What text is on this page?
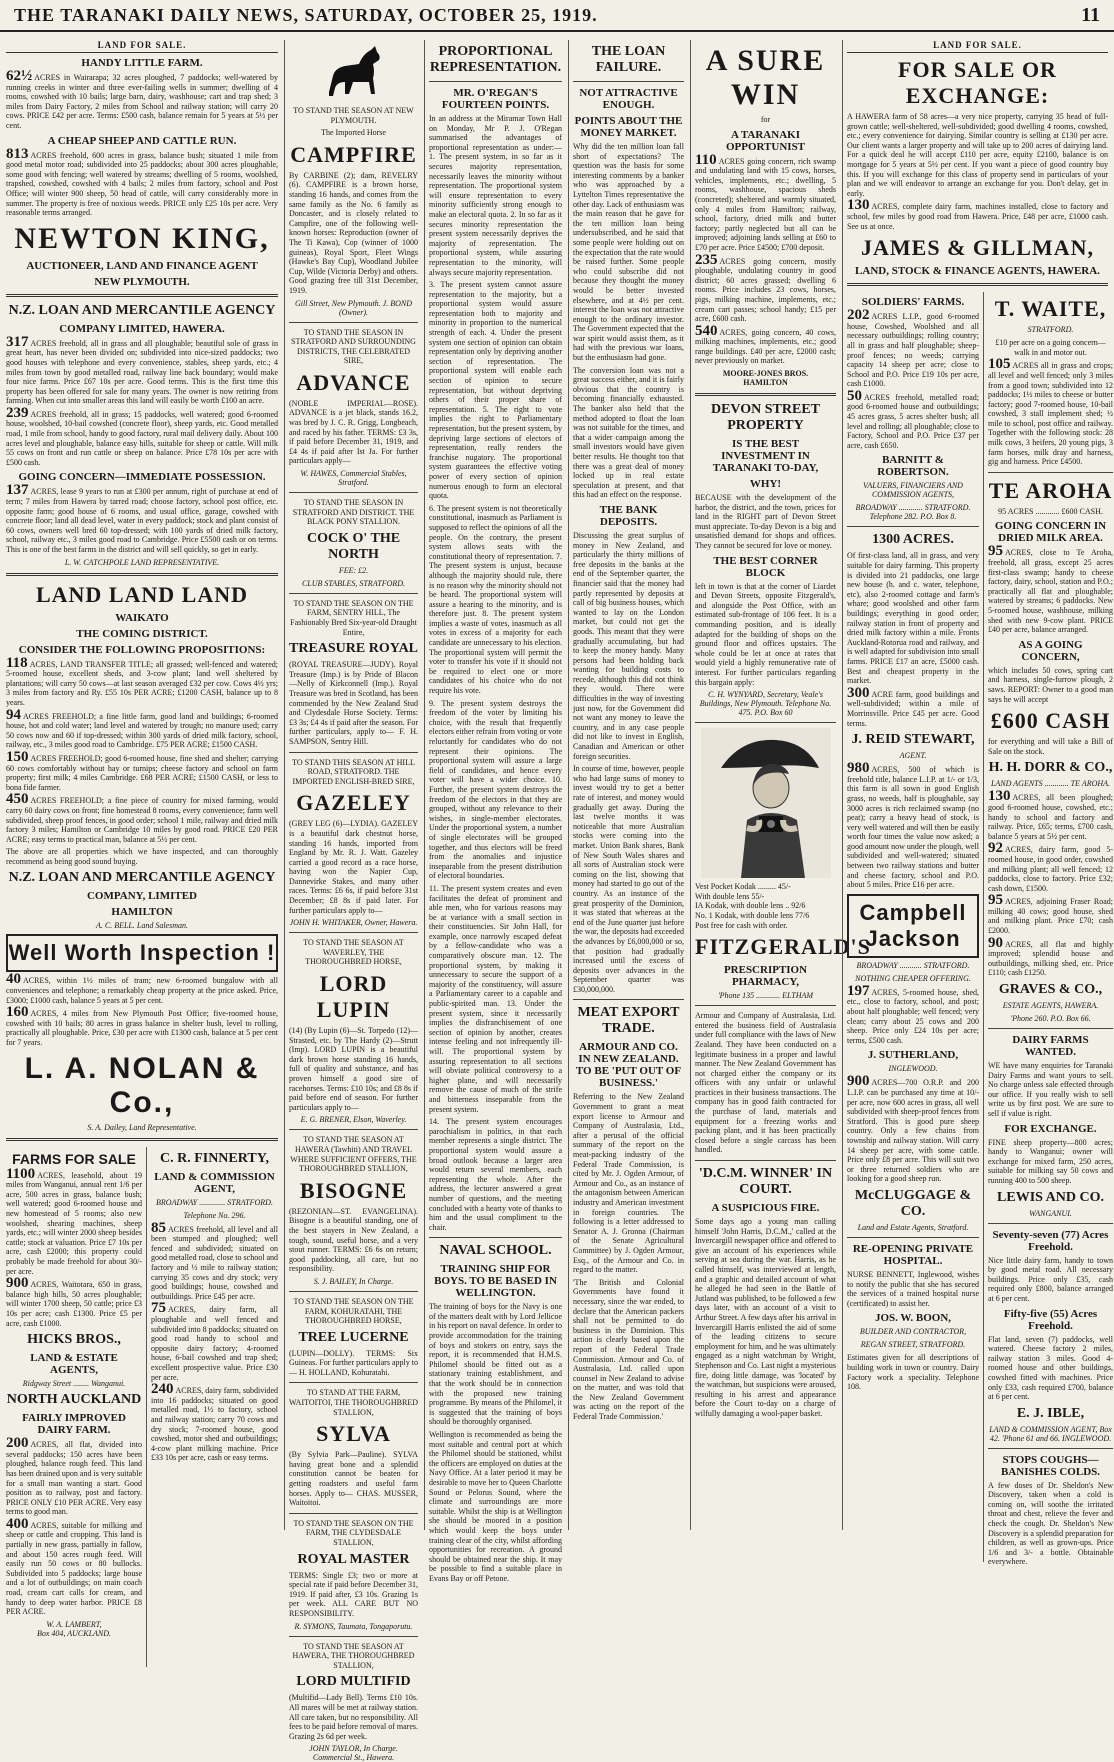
THE TARANAKI DAILY NEWS, SATURDAY, OCTOBER 25, 1919.	11
LAND FOR SALE.
HANDY LITTLE FARM.

62½ ACRES in Wairarapa; 32 acres ploughed, 7 paddocks; well-watered by running creeks in winter and three ever-failing wells in summer; dwelling of 4 rooms, cowshed with 10 bails; large barn, dairy, washhouse; cart and trap shed; 3 miles from Dairy Factory, 2 miles from School and railway station; will carry 20 cows. PRICE £42 per acre. Terms: £500 cash, balance remain for 5 years at 5½ per cent.

A CHEAP SHEEP AND CATTLE RUN.

813 ACRES freehold, 600 acres in grass, balance bush; situated 1 mile from good metal motor road; subdivided into 25 paddocks; about 300 acres ploughable, some good with fencing; well watered by streams; dwelling of 5 rooms, woolshed, trapshed, cowshed, cowshed with 4 bails; 2 miles from factory, school and Post Office; will winter 900 sheep, 50 head of cattle, will carry considerably more in summer. The property is free of noxious weeds. PRICE only £25 10s per acre. Very reasonable terms arranged.

NEWTON KING,
AUCTIONEER, LAND AND FINANCE AGENT
NEW PLYMOUTH.
N.Z. LOAN AND MERCANTILE AGENCY
COMPANY LIMITED, HAWERA.

317 ACRES freehold, all in grass and all ploughable; beautiful sole of grass in great heart, has never been divided on; subdivided into nice-sized paddocks; two good houses with telephone and every convenience, stables, sheep yards, etc.; 4 miles from town by good metalled road, railway line back boundary; would make four nice farms. Price £67 10s per acre. Good terms. This is the first time this property has been offered for sale for many years. The owner is now retiring from farming. When cut into smaller areas this land will easily be worth £100 an acre.

239 ACRES freehold, all in grass; 15 paddocks, well watered; good 6-roomed house, woolshed, 10-bail cowshed (concrete floor), sheep yards, etc. Good metalled road, 1 mile from school, handy to good factory, rural mail delivery daily. About 100 acres level and ploughable, balance easy hills, suitable for sheep or cattle. Will milk 55 cows on front and run cattle or sheep on balance. Price £78 10s per acre with £500 cash.

GOING CONCERN—IMMEDIATE POSSESSION.

137 ACRES, lease 9 years to run at £300 per annum, right of purchase at end of term; 7 miles from Hawera by tarred road; choose factory, school post office, etc. opposite farm; good house of 6 rooms, and usual office, garage, cowshed with concrete floor; land all dead level, water in every paddock; stock and plant consist of 60 cows, owners well bred 60 top-dressed; with 100 yards of dried milk factory, school, railway etc., 3 miles good road to Cambridge. Price £5500 cash or on terms. This is one of the best farms in the district and will sell quickly, so get in early.

L. W. CATCHPOLE LAND REPRESENTATIVE.
LAND LAND LAND
WAIKATO
THE COMING DISTRICT.
CONSIDER THE FOLLOWING PROPOSITIONS:

118 ACRES, LAND TRANSFER TITLE; all grassed; well-fenced and watered; 5-roomed house, excellent sheds, and 3-cow plant; land well sheltered by plantations; will carry 50 cows—at last season averaged £32 per cow. Cows 4½ yrs; 3 miles from factory and Ry. £55 10s PER ACRE; £1200 CASH, balance up to 8 years.

94 ACRES FREEHOLD; a fine little farm, good land and buildings; 6-roomed house, hot and cold water; land level and watered by trough; no manure used; carry 50 cows now and 60 if top-dressed; within 300 yards of dried milk factory, school, railway, etc., 3 miles good road to Cambridge. £75 PER ACRE; £1500 CASH.

150 ACRES FREEHOLD; good 6-roomed house, fine shed and shelter; carrying 60 cows comfortably without hay or turnips; cheese factory and school on farm property; first milk; 4 miles Cambridge. £68 PER ACRE; £1500 CASH, or less to bona fide farmer.

450 ACRES FREEHOLD; a fine piece of country for mixed farming, would carry 60 dairy cows on front; fine homestead 8 rooms, every convenience; farm well subdivided, sheep proof fences, in good order; school 1 mile, railway and dried milk factory 3 miles; Hamilton or Cambridge 10 miles by good road. PRICE £20 PER ACRE; easy terms to practical man, balance at 5½ per cent.

The above are all properties which we have inspected, and can thoroughly recommend as being good sound buying.

N.Z. LOAN AND MERCANTILE AGENCY
COMPANY, LIMITED
HAMILTON
A. C. BELL. Land Salesman.
Well Worth Inspection !

40 ACRES, within 1½ miles of tram; new 6-roomed bungalow with all conveniences and telephone; a remarkably cheap property at the price asked. Price, £3000; £1000 cash, balance 5 years at 5 per cent.

160 ACRES, 4 miles from New Plymouth Post Office; five-roomed house, cowshed with 10 bails; 80 acres in grass balance in shelter bush, level to rolling, practically all ploughable. Price, £30 per acre with £1300 cash, balance at 5 per cent for 7 years.

L. A. NOLAN & Co.,
S. A. Dailey, Land Representative.
FARMS FOR SALE

1100 ACRES, leasehold, about 19 miles from Wanganui, annual rent 1/6 per acre, 500 acres in grass, balance bush; well watered; good 6-roomed house and new homestead of 5 rooms; also new woolshed, shearing machines, sheep yards, etc.; will winter 2000 sheep besides cattle; stock at valuation. Price £7 10s per acre, cash £2000; this property could probably be made freehold for about 30/- per acre.

900 ACRES, Waitotara, 650 in grass, balance high hills, 50 acres ploughable; will winter 1700 sheep, 50 cattle; price £3 10s per acre; cash £1300. Price £5 per acre, cash £1000.

HICKS BROS.,
LAND & ESTATE AGENTS,
Ridgway Street ........ Wanganui.
NORTH AUCKLAND
FAIRLY IMPROVED DAIRY FARM.

200 ACRES, all flat, divided into several paddocks; 150 acres have been ploughed, balance rough feed. This land has been drained upon and is very suitable for a small man wanting a start. Good position as to railway, post and factory. PRICE ONLY £10 PER ACRE. Very easy terms to good man.

400 ACRES, suitable for milking and sheep or cattle and cropping. This land is partially in new grass, partially in fallow, and about 150 acres rough feed. Will easily run 50 cows or 80 bullocks. Subdivided into 5 paddocks; large house and a lot of outbuildings; on main coach road, cream cart calls for cream, and handy to deep water harbor. PRICE £8 PER ACRE.

W. A. LAMBERT,
Box 404, AUCKLAND.
C. R. FINNERTY,
LAND & COMMISSION AGENT,
BROADWAY ............. STRATFORD.
Telephone No. 296.

85 ACRES freehold, all level and all been stumped and ploughed; well fenced and subdivided; situated on good metalled road, close to school and factory and ½ mile to railway station; carrying 35 cows and dry stock; very good buildings; house, cowshed and outbuildings. Price £45 per acre.

75 ACRES, dairy farm, all ploughable and well fenced and subdivided into 8 paddocks; situated on good road handy to school and opposite dairy factory; 4-roomed house, 6-bail cowshed and trap shed; excellent prospective value. Price £30 per acre.

240 ACRES, dairy farm, subdivided into 16 paddocks; situated on good metalled road, 1½ to factory, school and railway station; carry 70 cows and dry stock; 7-roomed house, good cowshed, motor shed and outbuildings; 4-cow plant milking machine. Price £33 10s per acre, cash or easy terms.

TO STAND THE SEASON AT NEW PLYMOUTH.
The Imported Horse
CAMPFIRE

By CARBINE (2); dam, REVELRY (6). CAMPFIRE is a brown horse, standing 16 hands, and comes from the same family as the No. 6 family as Doncaster, and is closely related to Campfire, one of the following well-known horses: Reproduction (owner of The Ti Kawa), Cop (winner of 1000 guineas), Royal Sport, Fleet Wings (Hawke's Bay Cup), Woodland Jubilee Cup, Wilde (Victoria Derby) and others. Good grazing free till 31st December, 1919.

Gill Street, New Plymouth. J. BOND (Owner).
TO STAND THE SEASON IN STRATFORD AND SURROUNDING DISTRICTS, THE CELEBRATED SIRE,
ADVANCE

(NOBLE IMPERIAL—ROSE). ADVANCE is a jet black, stands 16.2, was bred by J. C. R. Grigg, Longbeach, and raced by his father. TERMS: £3 3s, if paid before December 31, 1919, and £4 4s if paid after Ist Ja. For further particulars apply—

W. HAWES, Commercial Stables, Stratford.
TO STAND THE SEASON IN STRATFORD AND DISTRICT. THE BLACK PONY STALLION.
COCK O' THE NORTH
FEE: £2.
CLUB STABLES, STRATFORD.
TO STAND THE SEASON ON THE FARM, SENTRY HILL, The Fashionably Bred Six-year-old Draught Entire,
TREASURE ROYAL

(ROYAL TREASURE—JUDY). Royal Treasure (Imp.) is by Pride of Blacon —Nelly of Kirkconnell (Imp.). Royal Treasure was bred in Scotland, has been commended by the New Zealand Stud and Clydesdale Horse Society. Terms: £3 3s; £4 4s if paid after the season. For further particulars, apply to— F. H. SAMPSON, Sentry Hill.

TO STAND THIS SEASON AT HILL ROAD, STRATFORD. THE IMPORTED ENGLISH-BRED SIRE,
GAZELEY

(GREY LEG (6)—LYDIA). GAZELEY is a beautiful dark chestnut horse, standing 16 hands, imported from England by Mr. R. J. Watt. Gazeley carried a good record as a race horse, having won the Napier Cup, Dannevirke Stakes, and many other races. Terms: £6 6s, if paid before 31st December; £8 8s if paid later. For further particulars apply to—

JOHN H. WHITAKER, Owner, Hawera.
TO STAND THE SEASON AT WAVERLEY, THE THOROUGHBRED HORSE,
LORD LUPIN

(14) (By Lupin (6)—St. Torpedo (12)—Strasted, etc. by The Hardy (2)—Strutt (Imp). LORD LUPIN is a beautiful dark brown horse standing 16 hands, full of quality and substance, and has proven himself a good sire of racehorses. Terms: £10 10s; and £8 8s if paid before end of season. For further particulars apply to—

E. G. BRENER, Elson, Waverley.
TO STAND THE SEASON AT HAWERA (Tawhiti) AND TRAVEL WHERE SUFFICIENT OFFERS, THE THOROUGHBRED STALLION,
BISOGNE

(REZONIAN—ST. EVANGELINA). Bisogne is a beautiful standing, one of the best stayers in New Zealand, a tough, sound, useful horse, and a very stout runner. TERMS: £6 6s on return; good paddocking, all care, but no responsibility.

S. J. BAILEY, In Charge.
TO STAND THE SEASON ON THE FARM, KOHURATAHI, THE THOROUGHBRED HORSE,
TREE LUCERNE

(LUPIN—DOLLY). TERMS: Six Guineas. For further particulars apply to— H. HOLLAND, Kohuratahi.

TO STAND AT THE FARM, WAITOITOI, THE THOROUGHBRED STALLION,
SYLVA

(By Sylvia Park—Pauline). SYLVA having great bone and a splendid constitution cannot be beaten for getting roadsters and useful farm horses. Apply to— CHAS. MUSSER, Waitoitoi.

TO STAND THE SEASON ON THE FARM, THE CLYDESDALE STALLION,
ROYAL MASTER

TERMS: Single £3; two or more at special rate if paid before December 31, 1919. If paid after, £3 10s. Grazing 1s per week. ALL CARE BUT NO RESPONSIBILITY.

R. SYMONS, Taumata, Tongaporutu.
TO STAND THE SEASON AT HAWERA, THE THOROUGHBRED STALLION,
LORD MULTIFID

(Multifid—Lady Bell). Terms £10 10s. All mares will be met at railway station. All care taken, but no responsibility. All fees to be paid before removal of mares. Grazing 2s 6d per week.

JOHN TAYLOR, In Charge. Commercial St., Hawera.
PROPORTIONAL REPRESENTATION.
MR. O'REGAN'S FOURTEEN POINTS.

In an address at the Miramar Town Hall on Monday, Mr P. J. O'Regan summarised the advantages of proportional representation as under:— 1. The present system, in so far as it secures majority representation, necessarily leaves the minority without representation. The proportional system will ensure representation to every minority sufficiently strong enough to make an electoral quota. 2. In so far as it secures minority representation the present system necessarily deprives the majority of representation. The proportional system, while assuring representation to the minority, will always secure majority representation.

3. The present system cannot assure representation to the majority, but a proportional system would assure representation both to majority and minority in proportion to the numerical strength of each. 4. Under the present system one section of opinion can obtain representation only by depriving another section of representation. The proportional system will enable each section of opinion to secure representation, but without depriving others of their proper share of representation. 5. The right to vote implies the right to Parliamentary representation, but the present system, by depriving large sections of electors of representation, really renders the franchise nugatory. The proportional system guarantees the effective voting power of every section of opinion numerous enough to form an electoral quota.

6. The present system is not theoretically constitutional, inasmuch as Parliament is supposed to reflect the opinions of all the people. On the contrary, the present system allows seats with the constitutional theory of representation. 7. The present system is unjust, because although the majority should rule, there is no reason why the minority should not be heard. The proportional system will assure a hearing to the minority, and is therefore just. 8. The present system implies a waste of votes, inasmuch as all votes in excess of a majority for each candidate are unnecessary to his election. The proportional system will permit the voter to transfer his vote if it should not be required to elect one or more candidates of his choice who do not require his vote.

9. The present system destroys the freedom of the voter by limiting his choice, with the result that frequently electors either refrain from voting or vote reluctantly for candidates who do not represent their opinions. The proportional system will assure a large field of candidates, and hence every voter will have a wider choice. 10. Further, the present system destroys the freedom of the electors in that they are grouped, without any relevance to their wishes, in single-member electorates. Under the proportional system, a number of single electorates will be grouped together, and thus electors will be freed from the anomalies and injustice inseparable from the present distribution of electoral boundaries.

11. The present system creates and even facilitates the defeat of prominent and able men, who for various reasons may be at variance with a small section in their constituencies. Sir John Hall, for example, once narrowly escaped defeat by a fellow-candidate who was a comparatively obscure man. 12. The proportional system, by making it unnecessary to secure the support of a majority of the constituency, will assure a Parliamentary career to a capable and public-spirited man. 13. Under the present system, since it necessarily implies the disfranchisement of one section of opinion by another, creates intense feeling and not infrequently ill-will. The proportional system by assuring representation to all sections will obviate political controversy to a higher plane, and will necessarily remove the cause of much of the strife and bitterness inseparable from the present system.

14. The present system encourages parochialism in politics, in that each member represents a single district. The proportional system would assure a broad outlook because a larger area would return several members, each representing the whole. After the address, the lecturer answered a great number of questions, and the meeting concluded with a hearty vote of thanks to him and the usual compliment to the chair.

NAVAL SCHOOL.
TRAINING SHIP FOR BOYS. TO BE BASED IN WELLINGTON.

The training of boys for the Navy is one of the matters dealt with by Lord Jellicoe in his report on naval defence. In order to provide accommodation for the training of boys and stokers on entry, says the report, it is recommended that H.M.S. Philomel should be fitted out as a stationary training establishment, and that the work should be in connection with the proposed new training programme. By means of the Philomel, it is suggested that the training of boys should be thoroughly organised.

Wellington is recommended as being the most suitable and central port at which the Philomel should be stationed, whilst the officers are employed on duties at the Navy Office. At a later period it may be desirable to move her to Queen Charlotte Sound or Pelorus Sound, where the climate and surroundings are more suitable. Whilst the ship is at Wellington she should be moored in a position which would keep the boys under training clear of the city, whilst affording opportunities for recreation. A ground should be obtained near the ship. It may be possible to find a suitable place in Evans Bay or off Petone.

THE LOAN FAILURE.
NOT ATTRACTIVE ENOUGH.
POINTS ABOUT THE MONEY MARKET.

Why did the ten million loan fall short of expectations? The question was the basis for some interesting comments by a banker who was approached by a Lyttelton Times representative the other day. Lack of enthusiasm was the main reason that he gave for the ten million loan being undersubscribed, and he said that some people were holding out on the expectation that the rate would be raised further. Some people who could subscribe did not because they thought the money would be better invested elsewhere, and at 4½ per cent. interest the loan was not attractive enough to the ordinary investor. The Government expected that the war spirit would assist them, as it had with the previous war loans, but the enthusiasm had gone.

The conversion loan was not a great success either, and it is fairly obvious that the country is becoming financially exhausted. The banker also held that the method adopted to float the loan was not suitable for the times, and that a wider campaign among the small investors would have given better results. He thought too that there was a great deal of money locked up in real estate speculation at present, and that this had an effect on the response.

THE BANK DEPOSITS.

Discussing the great surplus of money in New Zealand, and particularly the thirty millions of free deposits in the banks at the end of the September quarter, the financier said that the money had partly represented by deposits at call of big business houses, which wanted to lay on the London market, but could not get the goods. This meant that they were gradually accumulating, but had to keep the money handy. Many persons had been holding back wanting for building costs to recede, although this did not think they would. There were difficulties in the way of investing just now, for the Government did not want any money to leave the country, and in any case people did not like to invest in English, Canadian and American or other foreign securities.

In course of time, however, people who had large sums of money to invest would try to get a better rate of interest, and money would gradually get away. During the last twelve months it was noticeable that more Australian stocks were coming into the market. Union Bank shares, Bank of New South Wales shares and all sorts of Australian stock were coming on the list, showing that money had started to go out of the country. As an instance of the great prosperity of the Dominion, it was stated that whereas at the end of the June quarter just before the war, the deposits had exceeded the advances by £6,000,000 or so, that position had gradually increased until the excess of deposits over advances in the September quarter was £30,000,000.

MEAT EXPORT TRADE.
ARMOUR AND CO. IN NEW ZEALAND. TO BE 'PUT OUT OF BUSINESS.'

Referring to the New Zealand Government to grant a meat export license to Armour and Company of Australasia, Ltd., after a perusal of the official summary of the report on the meat-packing industry of the Federal Trade Commission, is cited by Mr. J. Ogden Armour, of Armour and Co., as an instance of the antagonism between American industry and American investment in foreign countries. The following is a letter addressed to Senator A. J. Gronna (Chairman of the Senate Agricultural Committee) by J. Ogden Armour, Esq., of the Armour and Co. in regard to the matter.

'The British and Colonial Governments have found it necessary, since the war ended, to declare that the American packers shall not be permitted to do business in the Dominion. This action is clearly based upon the report of the Federal Trade Commission. Armour and Co. of Australasia, Ltd. called upon counsel in New Zealand to advise on the matter, and was told that the New Zealand Government was acting on the report of the Federal Trade Commission.'

A SURE WIN
for
A TARANAKI OPPORTUNIST

110 ACRES going concern, rich swamp and undulating land with 15 cows, horses, vehicles, implements, etc.; dwelling, 5 rooms, washhouse, spacious sheds (concreted); sheltered and warmly situated, only 4 miles from Hamilton; railway, school, factory, dried milk and butter factory; partly neglected but all can be improved; adjoining lands selling at £60 to £70 per acre. Price £4500; £700 deposit.

235 ACRES going concern, mostly ploughable, undulating country in good district; 60 acres grassed; dwelling 6 rooms. Price includes 23 cows, horses, pigs, milking machine, implements, etc.; cream cart passes; school handy; £15 per acre, £600 cash.

540 ACRES, going concern, 40 cows, milking machines, implements, etc.; good range buildings. £40 per acre, £2000 cash; never previously on market.

MOORE-JONES BROS.
HAMILTON
DEVON STREET PROPERTY
IS THE BEST INVESTMENT IN TARANAKI TO-DAY,
WHY!

BECAUSE with the development of the harbor, the district, and the town, prices for land in the RIGHT part of Devon Street must appreciate. To-day Devon is a big and unsatisfied demand for shops and offices. They cannot be secured for love or money.

THE BEST CORNER BLOCK

left in town is that at the corner of Liardet and Devon Streets, opposite Fitzgerald's, and alongside the Post Office, with an estimated sub-frontage of 106 feet. It is a commanding position, and is ideally adapted for the building of shops on the ground floor and offices upstairs. The whole could be let at once at rates that would yield a highly remunerative rate of interest. For further particulars regarding this bargain apply:

C. H. WYNYARD, Secretary, Veale's Buildings, New Plymouth. Telephone No. 475. P.O. Box 60
Vest Pocket Kodak ......... 45/-
With double lens 55/-
IA Kodak, with double lens .. 92/6
No. 1 Kodak, with double lens 77/6
Post free for cash with order.
FITZGERALD'S
PRESCRIPTION PHARMACY,
'Phone 135 ............ ELTHAM

Armour and Company of Australasia, Ltd. entered the business field of Australasia under full compliance with the laws of New Zealand. They have been conducted on a legitimate business in a proper and lawful manner. The New Zealand Government has not charged either the company or its officers with any unfair or unlawful practices in their business transactions. The company has in good faith contracted for the purchase of land, materials and equipment for a freezing works and packing plant, and it has been practically closed before a single carcass has been handled.

'D.C.M. WINNER' IN COURT.
A SUSPICIOUS FIRE.

Some days ago a young man calling himself 'John Harris, D.C.M.,' called at the Invercargill newspaper office and offered to give an account of his experiences while serving at sea during the war. Harris, as he called himself, was interviewed at length, and a graphic and detailed account of what he alleged he had seen in the Battle of Jutland was published, to be followed a few days later, with an account of a visit to Arthur Street. A few days after his arrival in Invercargill Harris enlisted the aid of some of the leading citizens to secure employment for him, and he was ultimately engaged as a night watchman by Wright, Stephenson and Co. Last night a mysterious fire, doing little damage, was 'located' by the watchman, but suspicions were aroused, resulting in his arrest and appearance before the Court to-day on a charge of wilfully damaging a wool-paper basket.

LAND FOR SALE.
FOR SALE OR EXCHANGE:

A HAWERA farm of 58 acres—a very nice property, carrying 35 head of full-grown cattle; well-sheltered, well-subdivided; good dwelling 4 rooms, cowshed, etc.; every convenience for dairying. Similar country is selling at £130 per acre. Our client wants a larger property and will take up to 200 acres of dairying land. For a quick deal he will accept £110 per acre, equity £2100, balance is on mortgage for 5 years at 5½ per cent. If you want a piece of good country buy this. If you will exchange for this class of property send in particulars of your plan and we will endeavor to arrange an exchange for you. Don't delay, get in early.

130 ACRES, complete dairy farm, machines installed, close to factory and school, few miles by good road from Hawera. Price, £48 per acre, £1000 cash. See us at once.

JAMES & GILLMAN,
LAND, STOCK & FINANCE AGENTS, HAWERA.
SOLDIERS' FARMS.

202 ACRES L.I.P., good 6-roomed house, Cowshed, Woolshed and all necessary outbuildings; rolling country; all in grass and half ploughable; sheep-proof fences; no weeds; carrying capacity 14 sheep per acre; close to School and P.O. Price £19 10s per acre, cash £1000.

50 ACRES freehold, metalled road; good 6-roomed house and outbuildings; 45 acres grass, 5 acres shelter bush; all level and rolling; all ploughable; close to Factory, School and P.O. Price £37 per acre, cash £650.

BARNITT & ROBERTSON.
VALUERS, FINANCIERS AND COMMISSION AGENTS,
BROADWAY ............ STRATFORD. Telephone 282. P.O. Box 8.
1300 ACRES.

Of first-class land, all in grass, and very suitable for dairy farming. This property is divided into 21 paddocks, one large new house (h. and c. water, telephone, etc), also 2-roomed cottage and farm's whare; good woolshed and other farm buildings; everything in good order; railway station in front of property and dried milk factory within a mile. Fronts Auckland-Rotorua road and railway, and is well adapted for subdivision into small farms. PRICE £17 an acre, £5000 cash. Best and cheapest property in the market.

300 ACRE farm, good buildings and well-subdivided; within a mile of Morrinsville. Price £45 per acre. Good terms.

J. REID STEWART,
AGENT.

980 ACRES, 500 of which is freehold title, balance L.I.P. at 1/- or 1/3, this farm is all sown in good English grass, no weeds, half is ploughable, say 3000 acres is rich reclaimed swamp (no peat); carry a heavy head of stock, is very well watered and will then be easily worth four times the value now asked; a good amount now under the plough, well subdivided and well-watered; situated between two railway stations and butter and cheese factory, school and P.O. about 5 miles. Price £16 per acre.

Campbell Jackson
BROADWAY ........... STRATFORD.
NOTHING CHEAPER OFFERING.

197 ACRES, 5-roomed house, shed, etc., close to factory, school, and post; about half ploughable; well fenced; very clean; carry about 25 cows and 200 sheep. Price only £24 10s per acre; terms, £500 cash.

J. SUTHERLAND,
INGLEWOOD.

900 ACRES—700 O.R.P. and 200 L.I.P. can be purchased any time at 10/- per acre, now 600 acres in grass, all well subdivided with sheep-proof fences from Stratford. This is good pure sheep country. Only a few chains from township and railway station. Will carry 14 sheep per acre, with some cattle. Price only £8 per acre. This will suit two or three returned soldiers who are looking for a good sheep run.

McCLUGGAGE & CO.
Land and Estate Agents, Stratford.
RE-OPENING PRIVATE HOSPITAL.

NURSE BENNETT, Inglewood, wishes to notify the public that she has secured the services of a trained hospital nurse (certificated) to assist her.

JOS. W. BOON,
BUILDER AND CONTRACTOR,
REGAN STREET, STRATFORD.

Estimates given for all descriptions of building work in town or country. Dairy Factory work a speciality. Telephone 108.

T. WAITE,
STRATFORD.
£10 per acre on a going concern—walk in and motor out.

105 ACRES all in grass and crops; all level and well fenced; only 3 miles from a good town; subdivided into 12 paddocks; 1½ miles to cheese or butter factory; good 7-roomed house, 10-bail cowshed, 3 stall implement shed; ½ mile to school, post office and railway. Together with the following stock: 28 milk cows, 3 heifers, 20 young pigs, 3 farm horses, milk dray and harness, gig and harness. Price £4500.

TE AROHA
95 ACRES ............ £600 CASH.
GOING CONCERN IN DRIED MILK AREA.

95 ACRES, close to Te Aroha, freehold, all grass, except 25 acres first-class swamp; handy to cheese factory, dairy, school, station and P.O.; practically all flat and ploughable; watered by streams; 6 paddocks. New 5-roomed house, washhouse, milking shed with new 9-cow plant. PRICE £40 per acre, balance arranged.

AS A GOING CONCERN,

which includes 50 cows, spring cart and harness, single-furrow plough, 2 saws. REPORT: Owner to a good man says he will accept

£600 CASH

for everything and will take a Bill of Sale on the stock.

H. H. DORR & CO.,
LAND AGENTS ............ TE AROHA.

130 ACRES, all been ploughed; good 6-roomed house, cowshed, etc.; handy to school and factory and railway. Price, £65; terms, £700 cash, balance 5 years at 5½ per cent.

92 ACRES, dairy farm, good 5-roomed house, in good order, cowshed and milking plant; all well fenced; 12 paddocks, close to factory. Price £32; cash down, £1500.

95 ACRES, adjoining Fraser Road; milking 40 cows; good house, shed and milking plant. Price £70; cash £2000.

90 ACRES, all flat and highly improved; splendid house and outbuildings, milking shed, etc. Price £110; cash £1250.

GRAVES & CO.,
ESTATE AGENTS, HAWERA.
'Phone 260. P.O. Box 66.
DAIRY FARMS WANTED.

WE have many enquiries for Taranaki Dairy Farms and want yours to sell. No charge unless sale effected through our office. If you really wish to sell write us by first post. We are sure to sell if value is right.

FOR EXCHANGE.

FINE sheep property—800 acres; handy to Wanganui; owner will exchange for mixed farm, 250 acres, suitable for milking say 50 cows and running 400 to 500 sheep.

LEWIS AND CO.
WANGANUI.
Seventy-seven (77) Acres Freehold.

Nice little dairy farm, handy to town by good metal road. All necessary buildings. Price only £35, cash required only £800, balance arranged at 6 per cent.

Fifty-five (55) Acres Freehold.

Flat land, seven (7) paddocks, well watered. Cheese factory 2 miles, railway station 3 miles. Good 4-roomed house and other buildings, cowshed fitted with machines. Price only £33, cash required £700, balance at 6 per cent.

E. J. IBLE,
LAND & COMMISSION AGENT, Box 42. 'Phone 61 and 66. INGLEWOOD.
STOPS COUGHS—BANISHES COLDS.

A few doses of Dr. Sheldon's New Discovery, taken when a cold is coming on, will soothe the irritated throat and chest, relieve the fever and check the cough. Dr. Sheldon's New Discovery is a splendid preparation for children, as well as grown-ups. Price 1/6 and 3/- a bottle. Obtainable everywhere.
